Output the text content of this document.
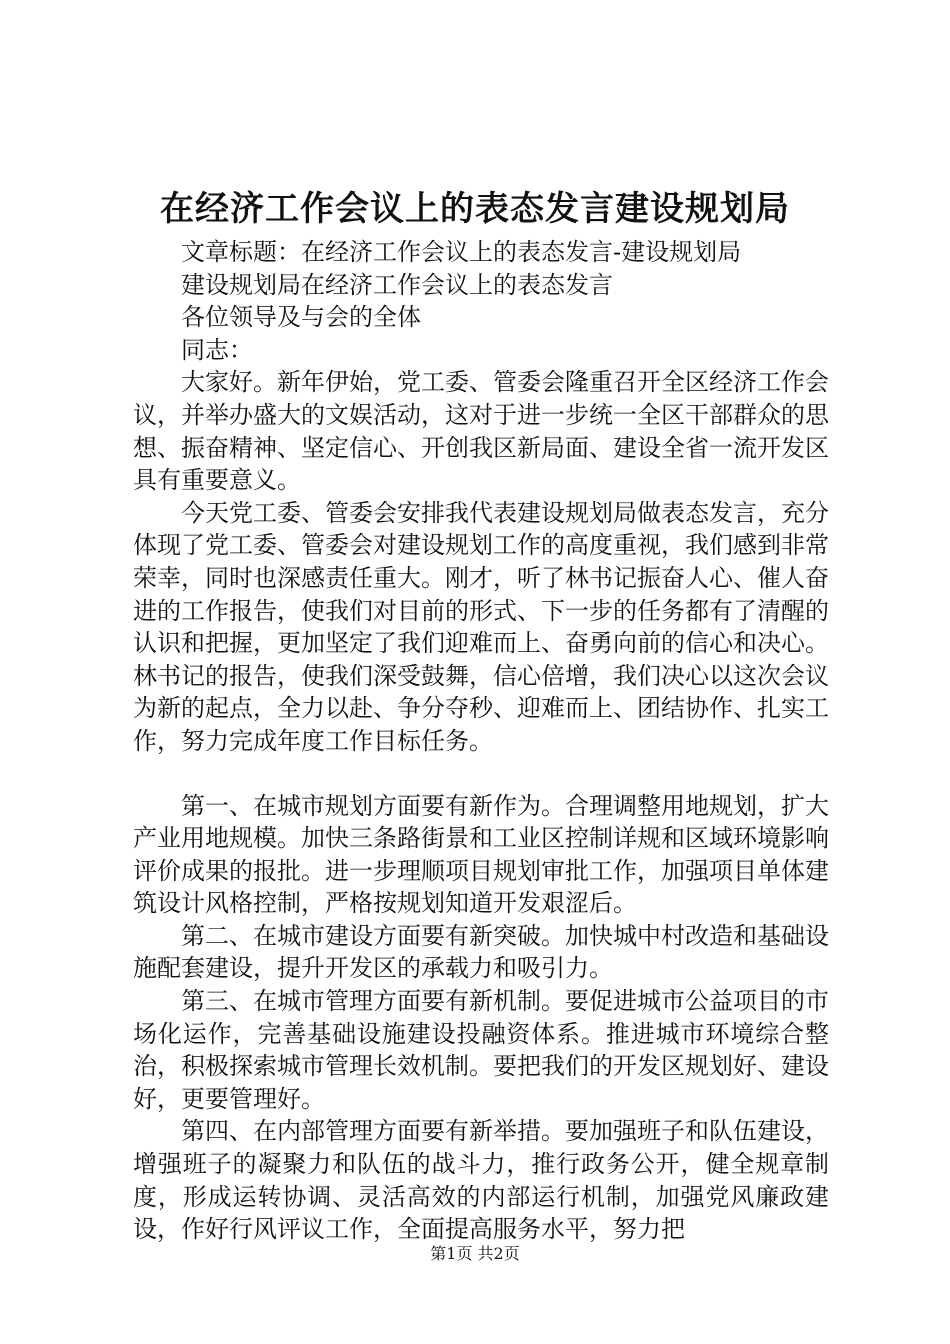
在经济工作会议上的表态发言建设规划局
文章标题：在经济工作会议上的表态发言-建设规划局
建设规划局在经济工作会议上的表态发言
各位领导及与会的全体
同志：

大家好。新年伊始，党工委、管委会隆重召开全区经济工作会议，并举办盛大的文娱活动，这对于进一步统一全区干部群众的思想、振奋精神、坚定信心、开创我区新局面、建设全省一流开发区具有重要意义。

今天党工委、管委会安排我代表建设规划局做表态发言，充分体现了党工委、管委会对建设规划工作的高度重视，我们感到非常荣幸，同时也深感责任重大。刚才，听了林书记振奋人心、催人奋进的工作报告，使我们对目前的形式、下一步的任务都有了清醒的认识和把握，更加坚定了我们迎难而上、奋勇向前的信心和决心。林书记的报告，使我们深受鼓舞，信心倍增，我们决心以这次会议为新的起点，全力以赴、争分夺秒、迎难而上、团结协作、扎实工作，努力完成年度工作目标任务。

第一、在城市规划方面要有新作为。合理调整用地规划，扩大产业用地规模。加快三条路街景和工业区控制详规和区域环境影响评价成果的报批。进一步理顺项目规划审批工作，加强项目单体建筑设计风格控制，严格按规划知道开发艰涩后。

第二、在城市建设方面要有新突破。加快城中村改造和基础设施配套建设，提升开发区的承载力和吸引力。

第三、在城市管理方面要有新机制。要促进城市公益项目的市场化运作，完善基础设施建设投融资体系。推进城市环境综合整治，积极探索城市管理长效机制。要把我们的开发区规划好、建设好，更要管理好。

第四、在内部管理方面要有新举措。要加强班子和队伍建设，增强班子的凝聚力和队伍的战斗力，推行政务公开，健全规章制度，形成运转协调、灵活高效的内部运行机制，加强党风廉政建设，作好行风评议工作，全面提高服务水平，努力把

第1页 共2页
